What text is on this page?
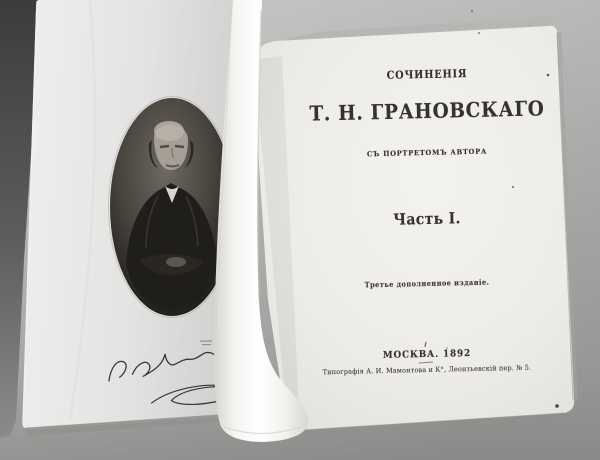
СОЧИНЕНІЯ
Т. Н. ГРАНОВСКАГО
СЪ ПОРТРЕТОМЪ АВТОРА
Часть I.
Третье дополненное изданіе.
МОСКВА. 1892
Типографія А. И. Мамонтова и К°, Леонтьевскій пер. № 5.
